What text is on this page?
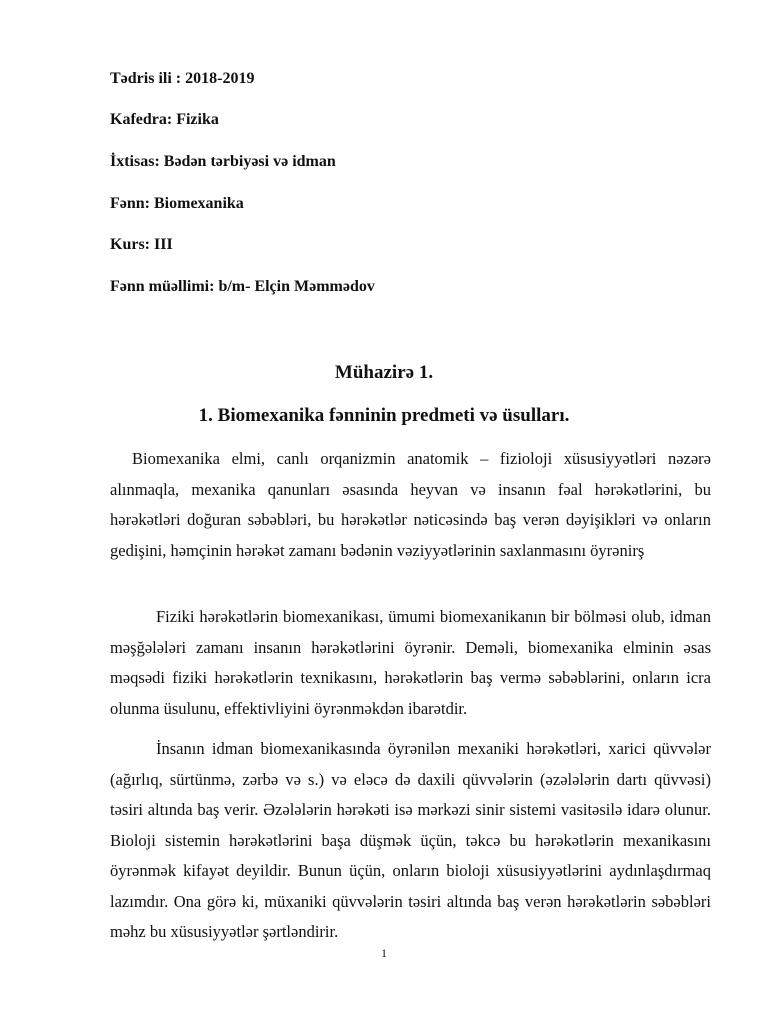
Tədris ili : 2018-2019
Kafedra: Fizika
İxtisas: Bədən tərbiyəsi və idman
Fənn: Biomexanika
Kurs: III
Fənn müəllimi: b/m- Elçin Məmmədov
Mühazirə 1.
1. Biomexanika fənninin predmeti və üsulları.

Biomexanika elmi, canlı orqanizmin anatomik – fizioloji xüsusiyyətləri nəzərə alınmaqla, mexanika qanunları əsasında heyvan və insanın fəal hərəkətlərini, bu hərəkətləri doğuran səbəbləri, bu hərəkətlər nəticəsində baş verən dəyişikləri və onların gedişini, həmçinin hərəkət zamanı bədənin vəziyyətlərinin saxlanmasını öyrənirş

Fiziki hərəkətlərin biomexanikası, ümumi biomexanikanın bir bölməsi olub, idman məşğələləri zamanı insanın hərəkətlərini öyrənir. Deməli, biomexanika elminin əsas məqsədi fiziki hərəkətlərin texnikasını, hərəkətlərin baş vermə səbəblərini, onların icra olunma üsulunu, effektivliyini öyrənməkdən ibarətdir.

İnsanın idman biomexanikasında öyrənilən mexaniki hərəkətləri, xarici qüvvələr (ağırlıq, sürtünmə, zərbə və s.) və eləcə də daxili qüvvələrin (əzələlərin dartı qüvvəsi) təsiri altında baş verir. Əzələlərin hərəkəti isə mərkəzi sinir sistemi vasitəsilə idarə olunur. Bioloji sistemin hərəkətlərini başa düşmək üçün, təkcə bu hərəkətlərin mexanikasını öyrənmək kifayət deyildir. Bunun üçün, onların bioloji xüsusiyyətlərini aydınlaşdırmaq lazımdır. Ona görə ki, müxaniki qüvvələrin təsiri altında baş verən hərəkətlərin səbəbləri məhz bu xüsusiyyətlər şərtləndirir.

1
